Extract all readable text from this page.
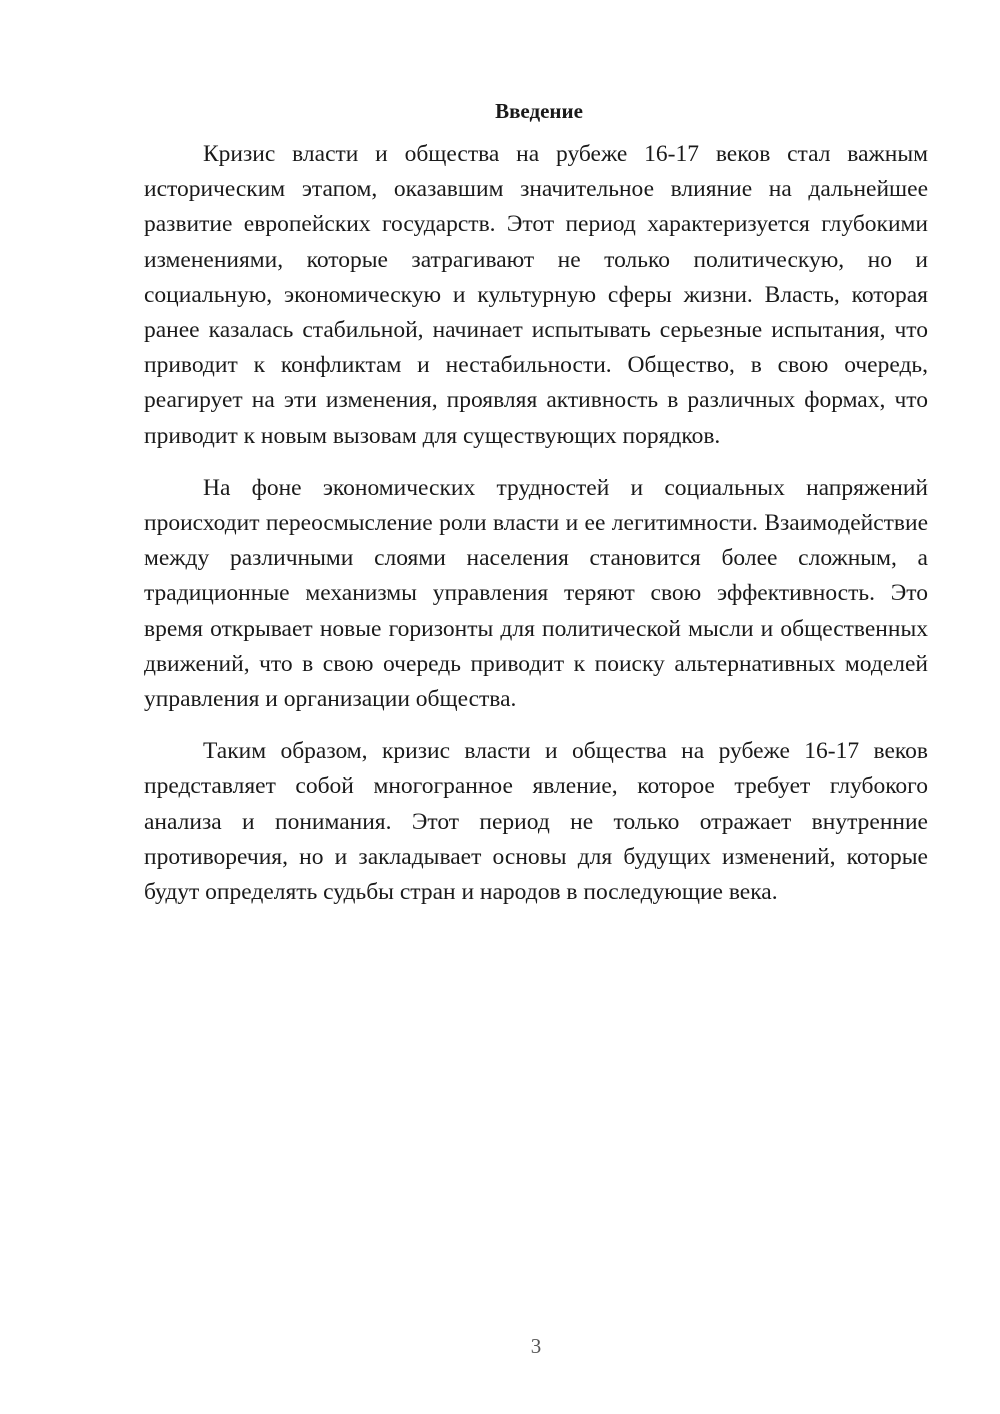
Введение

Кризис власти и общества на рубеже 16-17 веков стал важным историческим этапом, оказавшим значительное влияние на дальнейшее развитие европейских государств. Этот период характеризуется глубокими изменениями, которые затрагивают не только политическую, но и социальную, экономическую и культурную сферы жизни. Власть, которая ранее казалась стабильной, начинает испытывать серьезные испытания, что приводит к конфликтам и нестабильности. Общество, в свою очередь, реагирует на эти изменения, проявляя активность в различных формах, что приводит к новым вызовам для существующих порядков.

На фоне экономических трудностей и социальных напряжений происходит переосмысление роли власти и ее легитимности. Взаимодействие между различными слоями населения становится более сложным, а традиционные механизмы управления теряют свою эффективность. Это время открывает новые горизонты для политической мысли и общественных движений, что в свою очередь приводит к поиску альтернативных моделей управления и организации общества.

Таким образом, кризис власти и общества на рубеже 16-17 веков представляет собой многогранное явление, которое требует глубокого анализа и понимания. Этот период не только отражает внутренние противоречия, но и закладывает основы для будущих изменений, которые будут определять судьбы стран и народов в последующие века.

3
